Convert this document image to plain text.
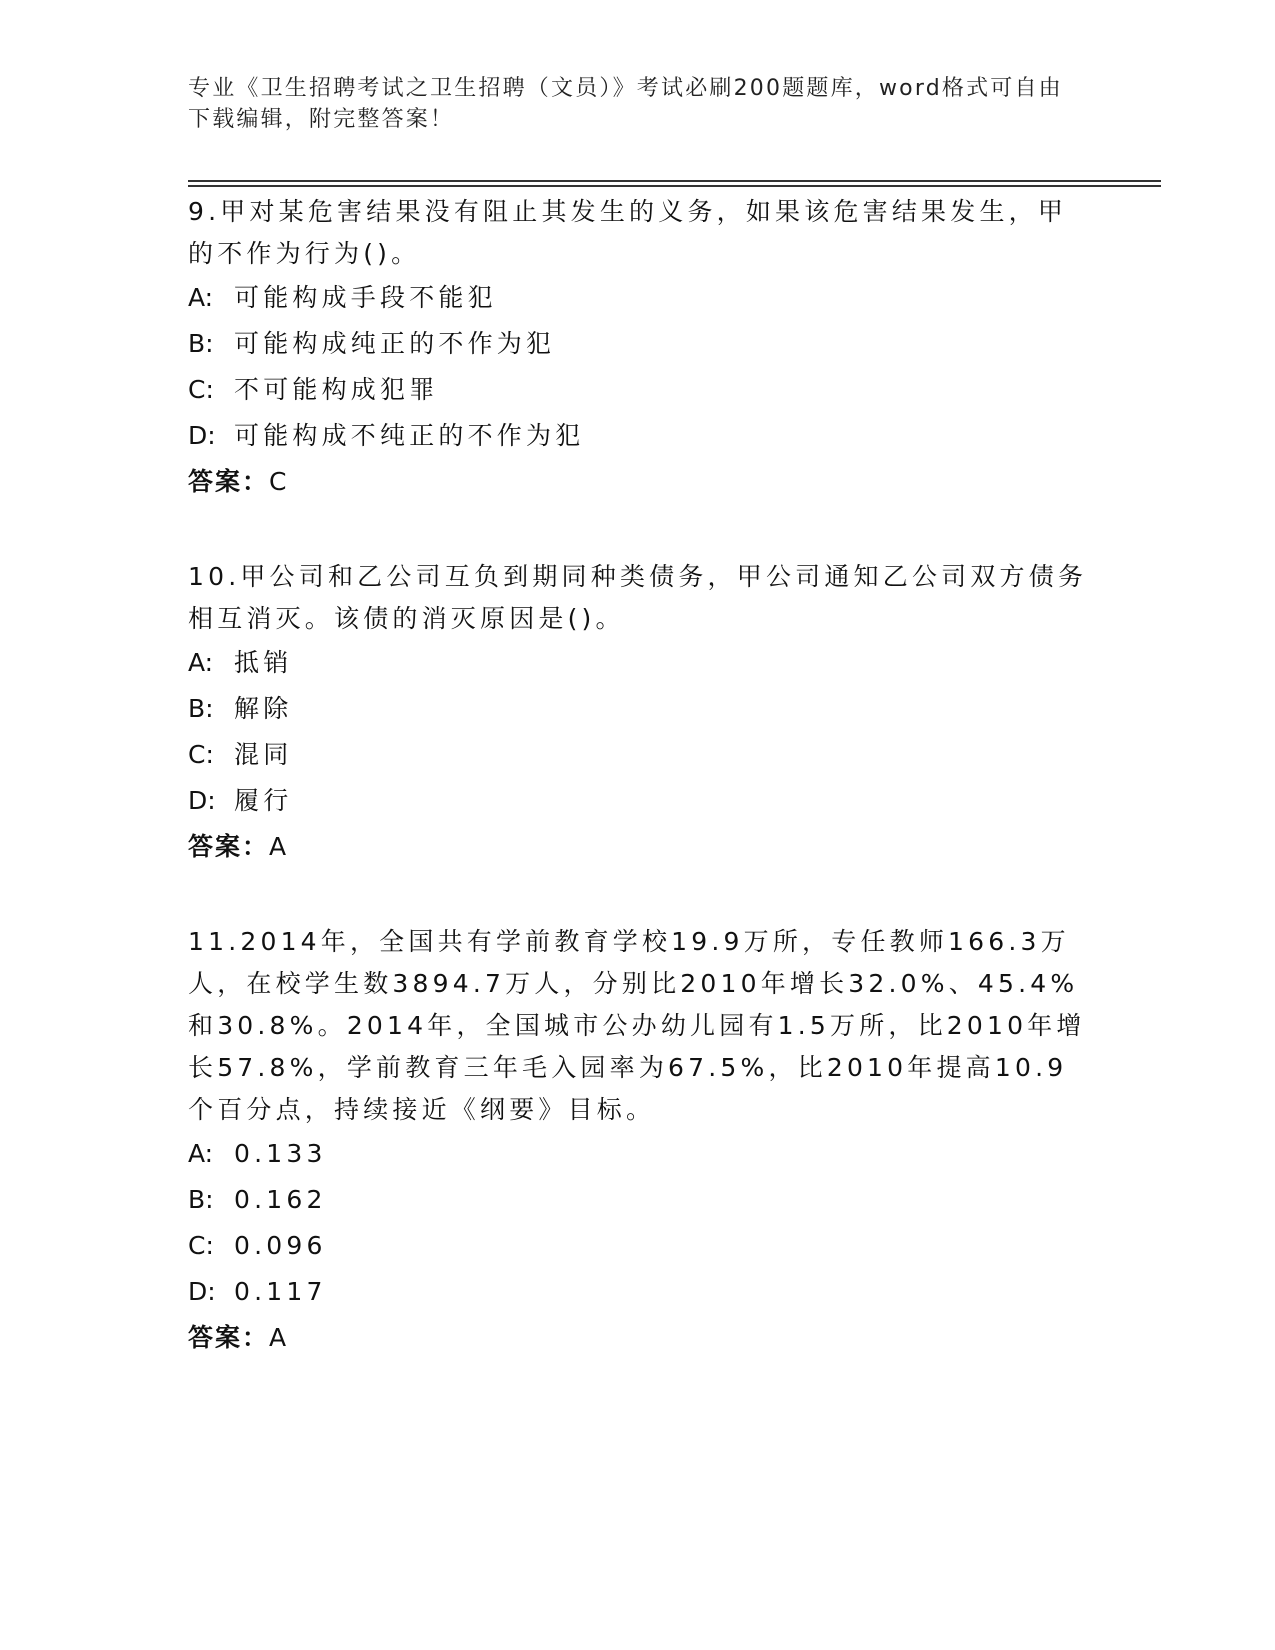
专业《卫生招聘考试之卫生招聘（文员）》考试必刷200题题库，word格式可自由下载编辑，附完整答案！

9.甲对某危害结果没有阻止其发生的义务，如果该危害结果发生，甲的不作为行为()。

A: 可能构成手段不能犯
B: 可能构成纯正的不作为犯
C: 不可能构成犯罪
D: 可能构成不纯正的不作为犯
答案：C

10.甲公司和乙公司互负到期同种类债务，甲公司通知乙公司双方债务相互消灭。该债的消灭原因是()。

A: 抵销
B: 解除
C: 混同
D: 履行
答案：A

11.2014年，全国共有学前教育学校19.9万所，专任教师166.3万人，在校学生数3894.7万人，分别比2010年增长32.0%、45.4%和30.8%。2014年，全国城市公办幼儿园有1.5万所，比2010年增长57.8%，学前教育三年毛入园率为67.5%，比2010年提高10.9个百分点，持续接近《纲要》目标。

A: 0.133
B: 0.162
C: 0.096
D: 0.117
答案：A
